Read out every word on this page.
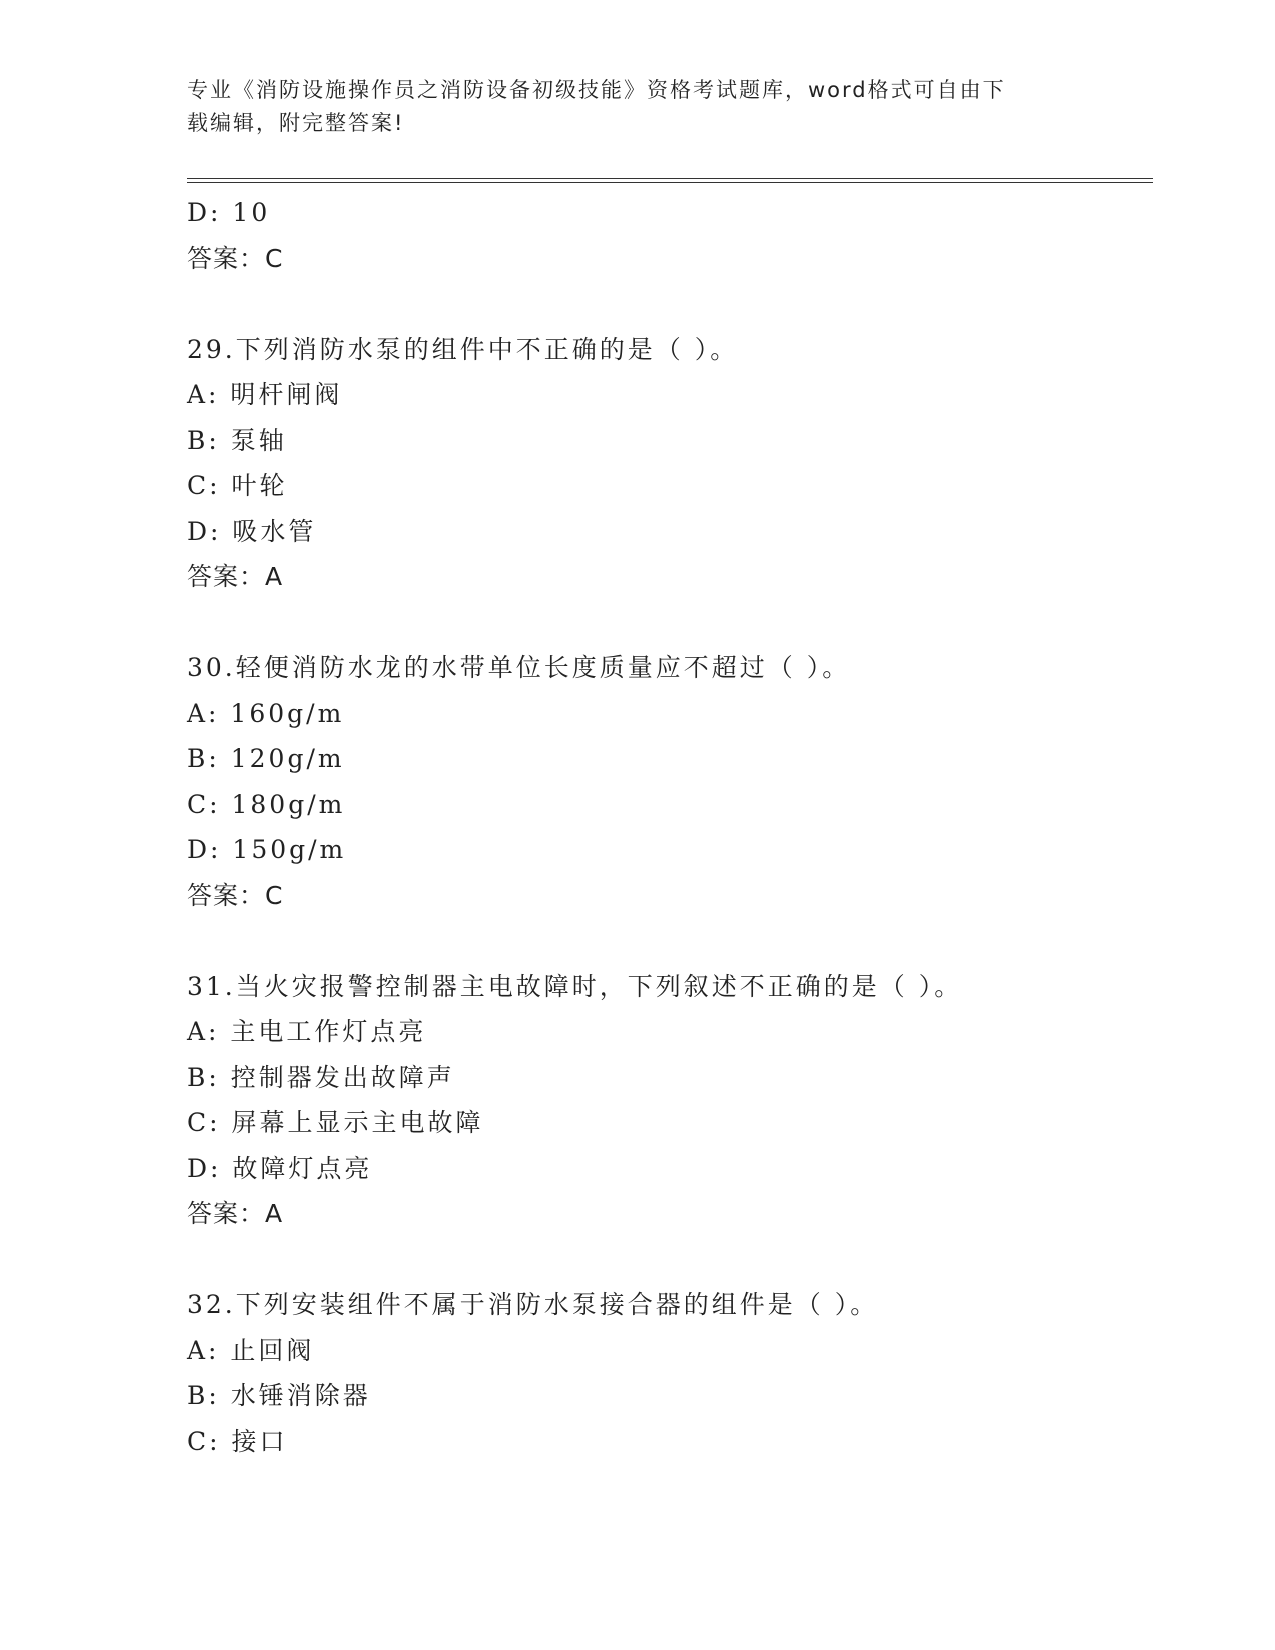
专业《消防设施操作员之消防设备初级技能》资格考试题库，word格式可自由下
载编辑，附完整答案!
D: 10
答案：C
29.下列消防水泵的组件中不正确的是（ ）。
A: 明杆闸阀
B: 泵轴
C: 叶轮
D: 吸水管
答案：A
30.轻便消防水龙的水带单位长度质量应不超过（ ）。
A: 160g/m
B: 120g/m
C: 180g/m
D: 150g/m
答案：C
31.当火灾报警控制器主电故障时，下列叙述不正确的是（ ）。
A: 主电工作灯点亮
B: 控制器发出故障声
C: 屏幕上显示主电故障
D: 故障灯点亮
答案：A
32.下列安装组件不属于消防水泵接合器的组件是（ ）。
A: 止回阀
B: 水锤消除器
C: 接口
